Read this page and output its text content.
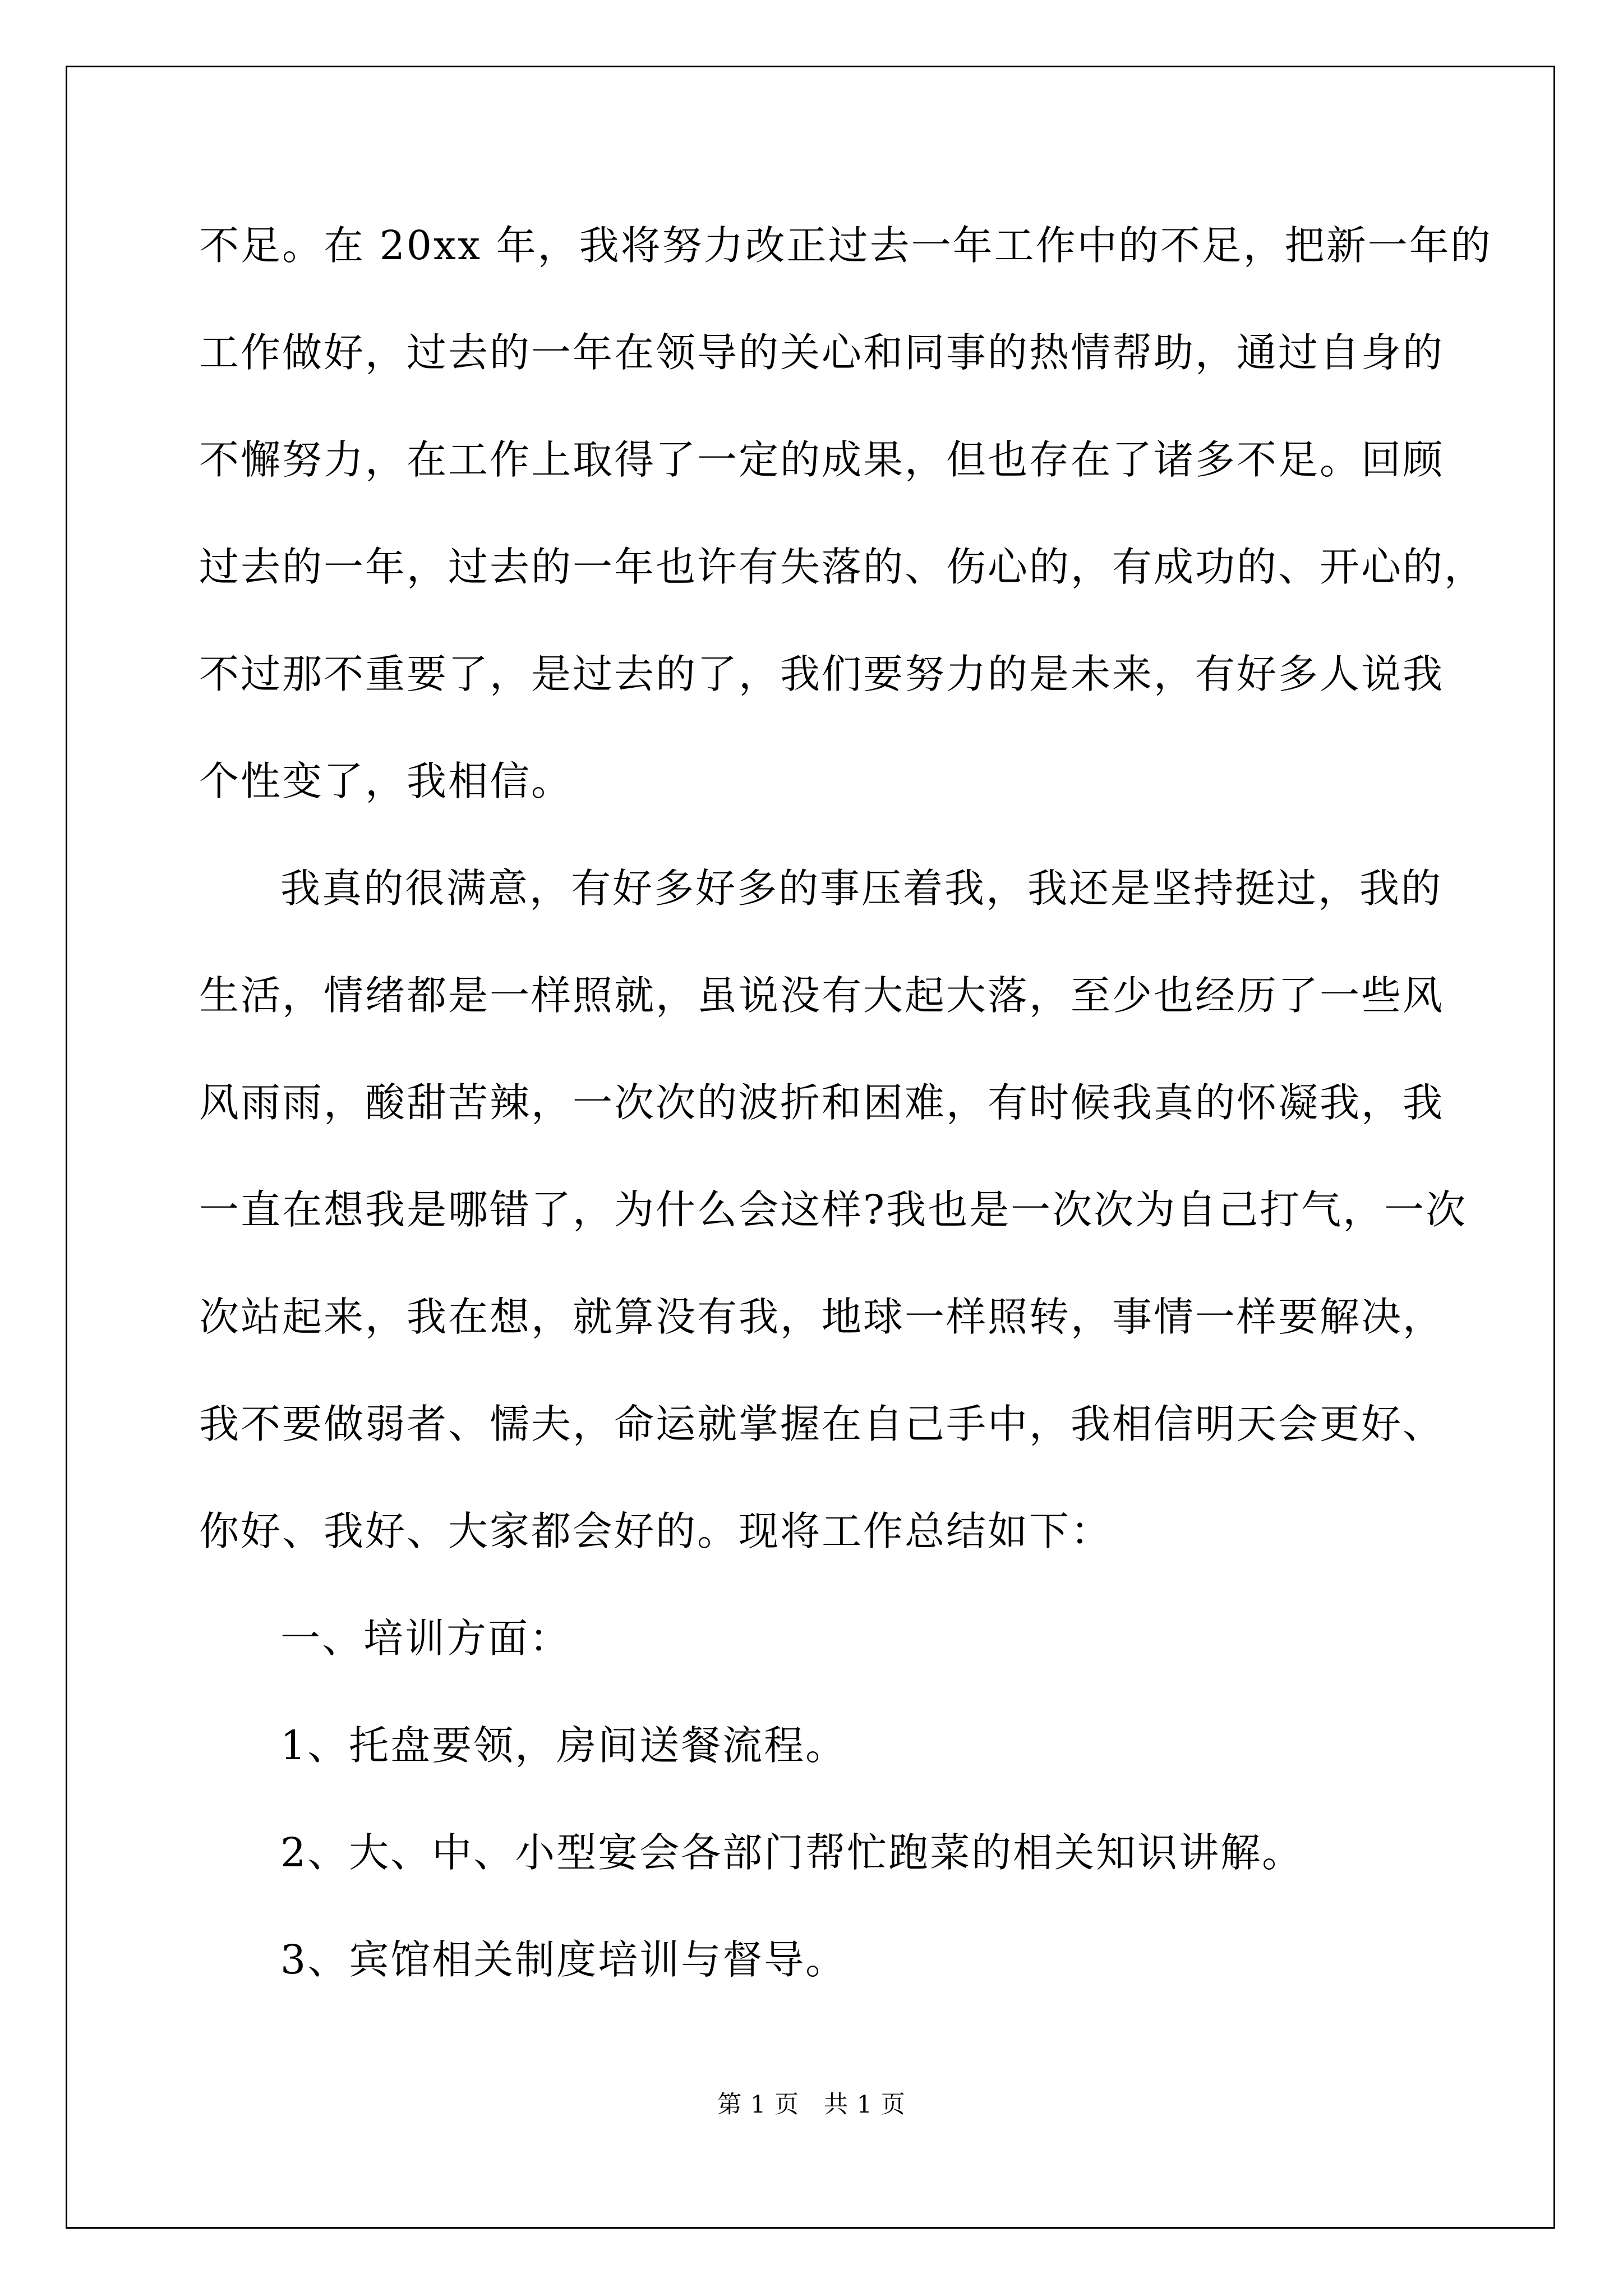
不足。在 20xx 年，我将努力改正过去一年工作中的不足，把新一年的
工作做好，过去的一年在领导的关心和同事的热情帮助，通过自身的
不懈努力，在工作上取得了一定的成果，但也存在了诸多不足。回顾
过去的一年，过去的一年也许有失落的、伤心的，有成功的、开心的，
不过那不重要了，是过去的了，我们要努力的是未来，有好多人说我
个性变了，我相信。
我真的很满意，有好多好多的事压着我，我还是坚持挺过，我的
生活，情绪都是一样照就，虽说没有大起大落，至少也经历了一些风
风雨雨，酸甜苦辣，一次次的波折和困难，有时候我真的怀凝我，我
一直在想我是哪错了，为什么会这样?我也是一次次为自己打气，一次
次站起来，我在想，就算没有我，地球一样照转，事情一样要解决，
我不要做弱者、懦夫，命运就掌握在自己手中，我相信明天会更好、
你好、我好、大家都会好的。现将工作总结如下：
一、培训方面：
1、托盘要领，房间送餐流程。
2、大、中、小型宴会各部门帮忙跑菜的相关知识讲解。
3、宾馆相关制度培训与督导。
第 1 页   共 1 页
